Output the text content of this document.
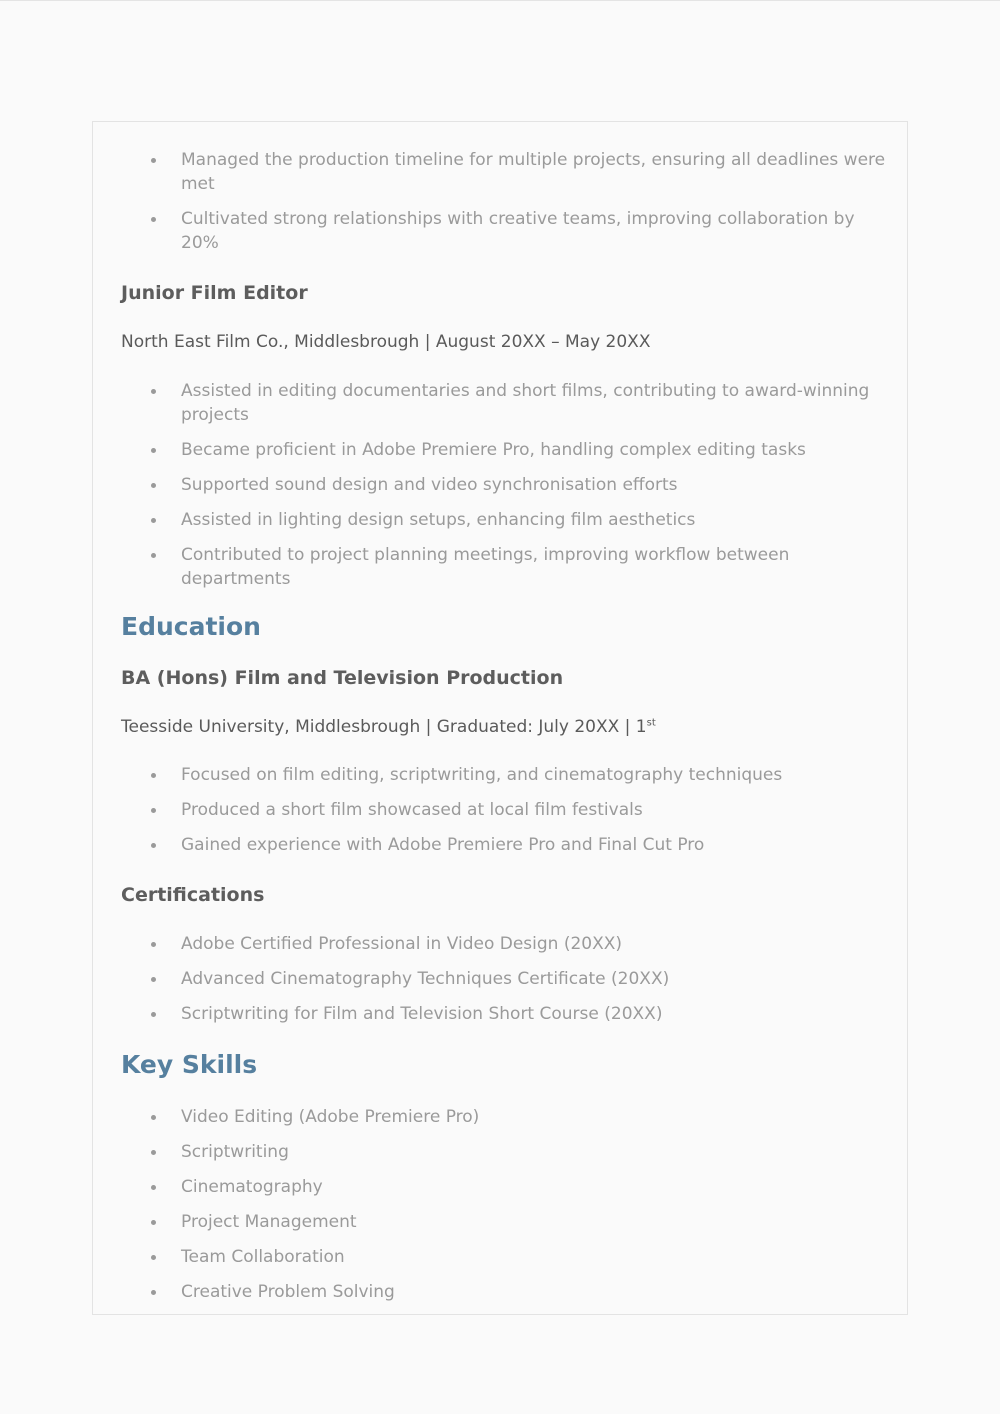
Managed the production timeline for multiple projects, ensuring all deadlines were met
Cultivated strong relationships with creative teams, improving collaboration by 20%
Junior Film Editor

North East Film Co., Middlesbrough | August 20XX – May 20XX

Assisted in editing documentaries and short films, contributing to award-winning projects
Became proficient in Adobe Premiere Pro, handling complex editing tasks
Supported sound design and video synchronisation efforts
Assisted in lighting design setups, enhancing film aesthetics
Contributed to project planning meetings, improving workflow between departments
Education
BA (Hons) Film and Television Production

Teesside University, Middlesbrough | Graduated: July 20XX | 1st

Focused on film editing, scriptwriting, and cinematography techniques
Produced a short film showcased at local film festivals
Gained experience with Adobe Premiere Pro and Final Cut Pro
Certifications
Adobe Certified Professional in Video Design (20XX)
Advanced Cinematography Techniques Certificate (20XX)
Scriptwriting for Film and Television Short Course (20XX)
Key Skills
Video Editing (Adobe Premiere Pro)
Scriptwriting
Cinematography
Project Management
Team Collaboration
Creative Problem Solving
